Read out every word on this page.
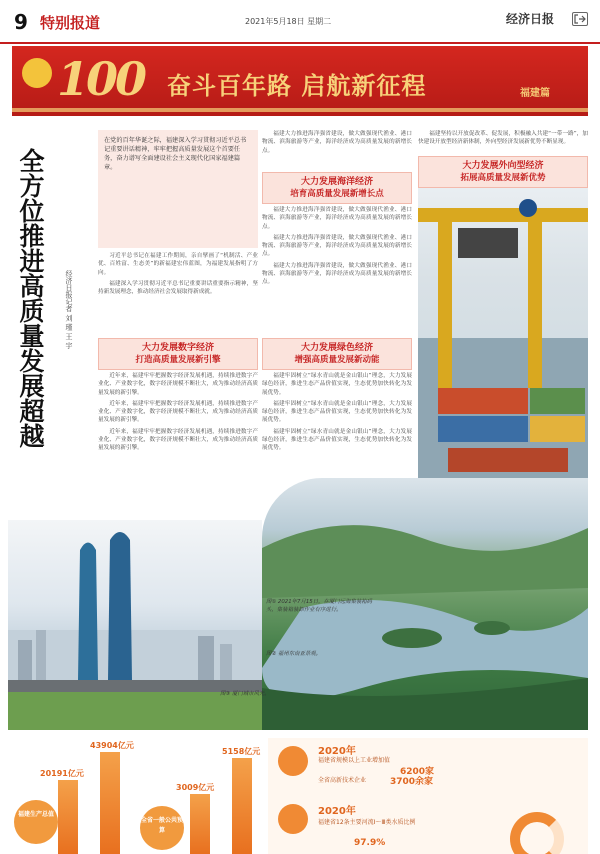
9 特别报道	2021年5月18日 星期二	经济日报
100 奋斗百年路 启航新征程	福建篇
全方位推进高质量发展超越	经济日报记者 刘 瑾 王 宇
在党的百年华诞之际，福建深入学习贯彻习近平总书记重要讲话精神，牢牢把握高质量发展这个首要任务，奋力谱写全面建设社会主义现代化国家福建篇章。

习近平总书记在福建工作期间，亲自擘画了“机制活、产业优、百姓富、生态美”的新福建宏伟蓝图，为福建发展指明了方向。

福建深入学习贯彻习近平总书记重要讲话重要指示精神，坚持新发展理念，推动经济社会发展取得新成就。

大力发展数字经济
打造高质量发展新引擎

近年来，福建牢牢把握数字经济发展机遇，持续推进数字产业化、产业数字化，数字经济规模不断壮大，成为推动经济高质量发展的新引擎。

近年来，福建牢牢把握数字经济发展机遇，持续推进数字产业化、产业数字化，数字经济规模不断壮大，成为推动经济高质量发展的新引擎。

近年来，福建牢牢把握数字经济发展机遇，持续推进数字产业化、产业数字化，数字经济规模不断壮大，成为推动经济高质量发展的新引擎。

福建大力推进海洋强省建设，做大做强现代渔业、港口物流、滨海旅游等产业，海洋经济成为高质量发展的新增长点。

大力发展海洋经济
培育高质量发展新增长点

福建大力推进海洋强省建设，做大做强现代渔业、港口物流、滨海旅游等产业，海洋经济成为高质量发展的新增长点。

福建大力推进海洋强省建设，做大做强现代渔业、港口物流、滨海旅游等产业，海洋经济成为高质量发展的新增长点。

福建大力推进海洋强省建设，做大做强现代渔业、港口物流、滨海旅游等产业，海洋经济成为高质量发展的新增长点。

大力发展绿色经济
增强高质量发展新动能

福建牢固树立“绿水青山就是金山银山”理念，大力发展绿色经济，推进生态产品价值实现，生态优势加快转化为发展优势。

福建牢固树立“绿水青山就是金山银山”理念，大力发展绿色经济，推进生态产品价值实现，生态优势加快转化为发展优势。

福建牢固树立“绿水青山就是金山银山”理念，大力发展绿色经济，推进生态产品价值实现，生态优势加快转化为发展优势。

福建坚持以开放促改革、促发展，积极融入共建“一带一路”，加快建设开放型经济新体制，外向型经济发展新优势不断显现。

大力发展外向型经济
拓展高质量发展新优势
图① 2021年7月15日，在厦门远海集装箱码头，集装箱装卸作业有序进行。
图② 福州东南亚景观。
图③ 厦门城市风光。
福建生产总值
20191亿元
43904亿元
全省一般公共预算
3009亿元
5158亿元	2020年
福建省规模以上工业增加值
6200家
全省高新技术企业	3700余家
2020年
福建省12条主要河流Ⅰ～Ⅲ类水质比例
97.9%
